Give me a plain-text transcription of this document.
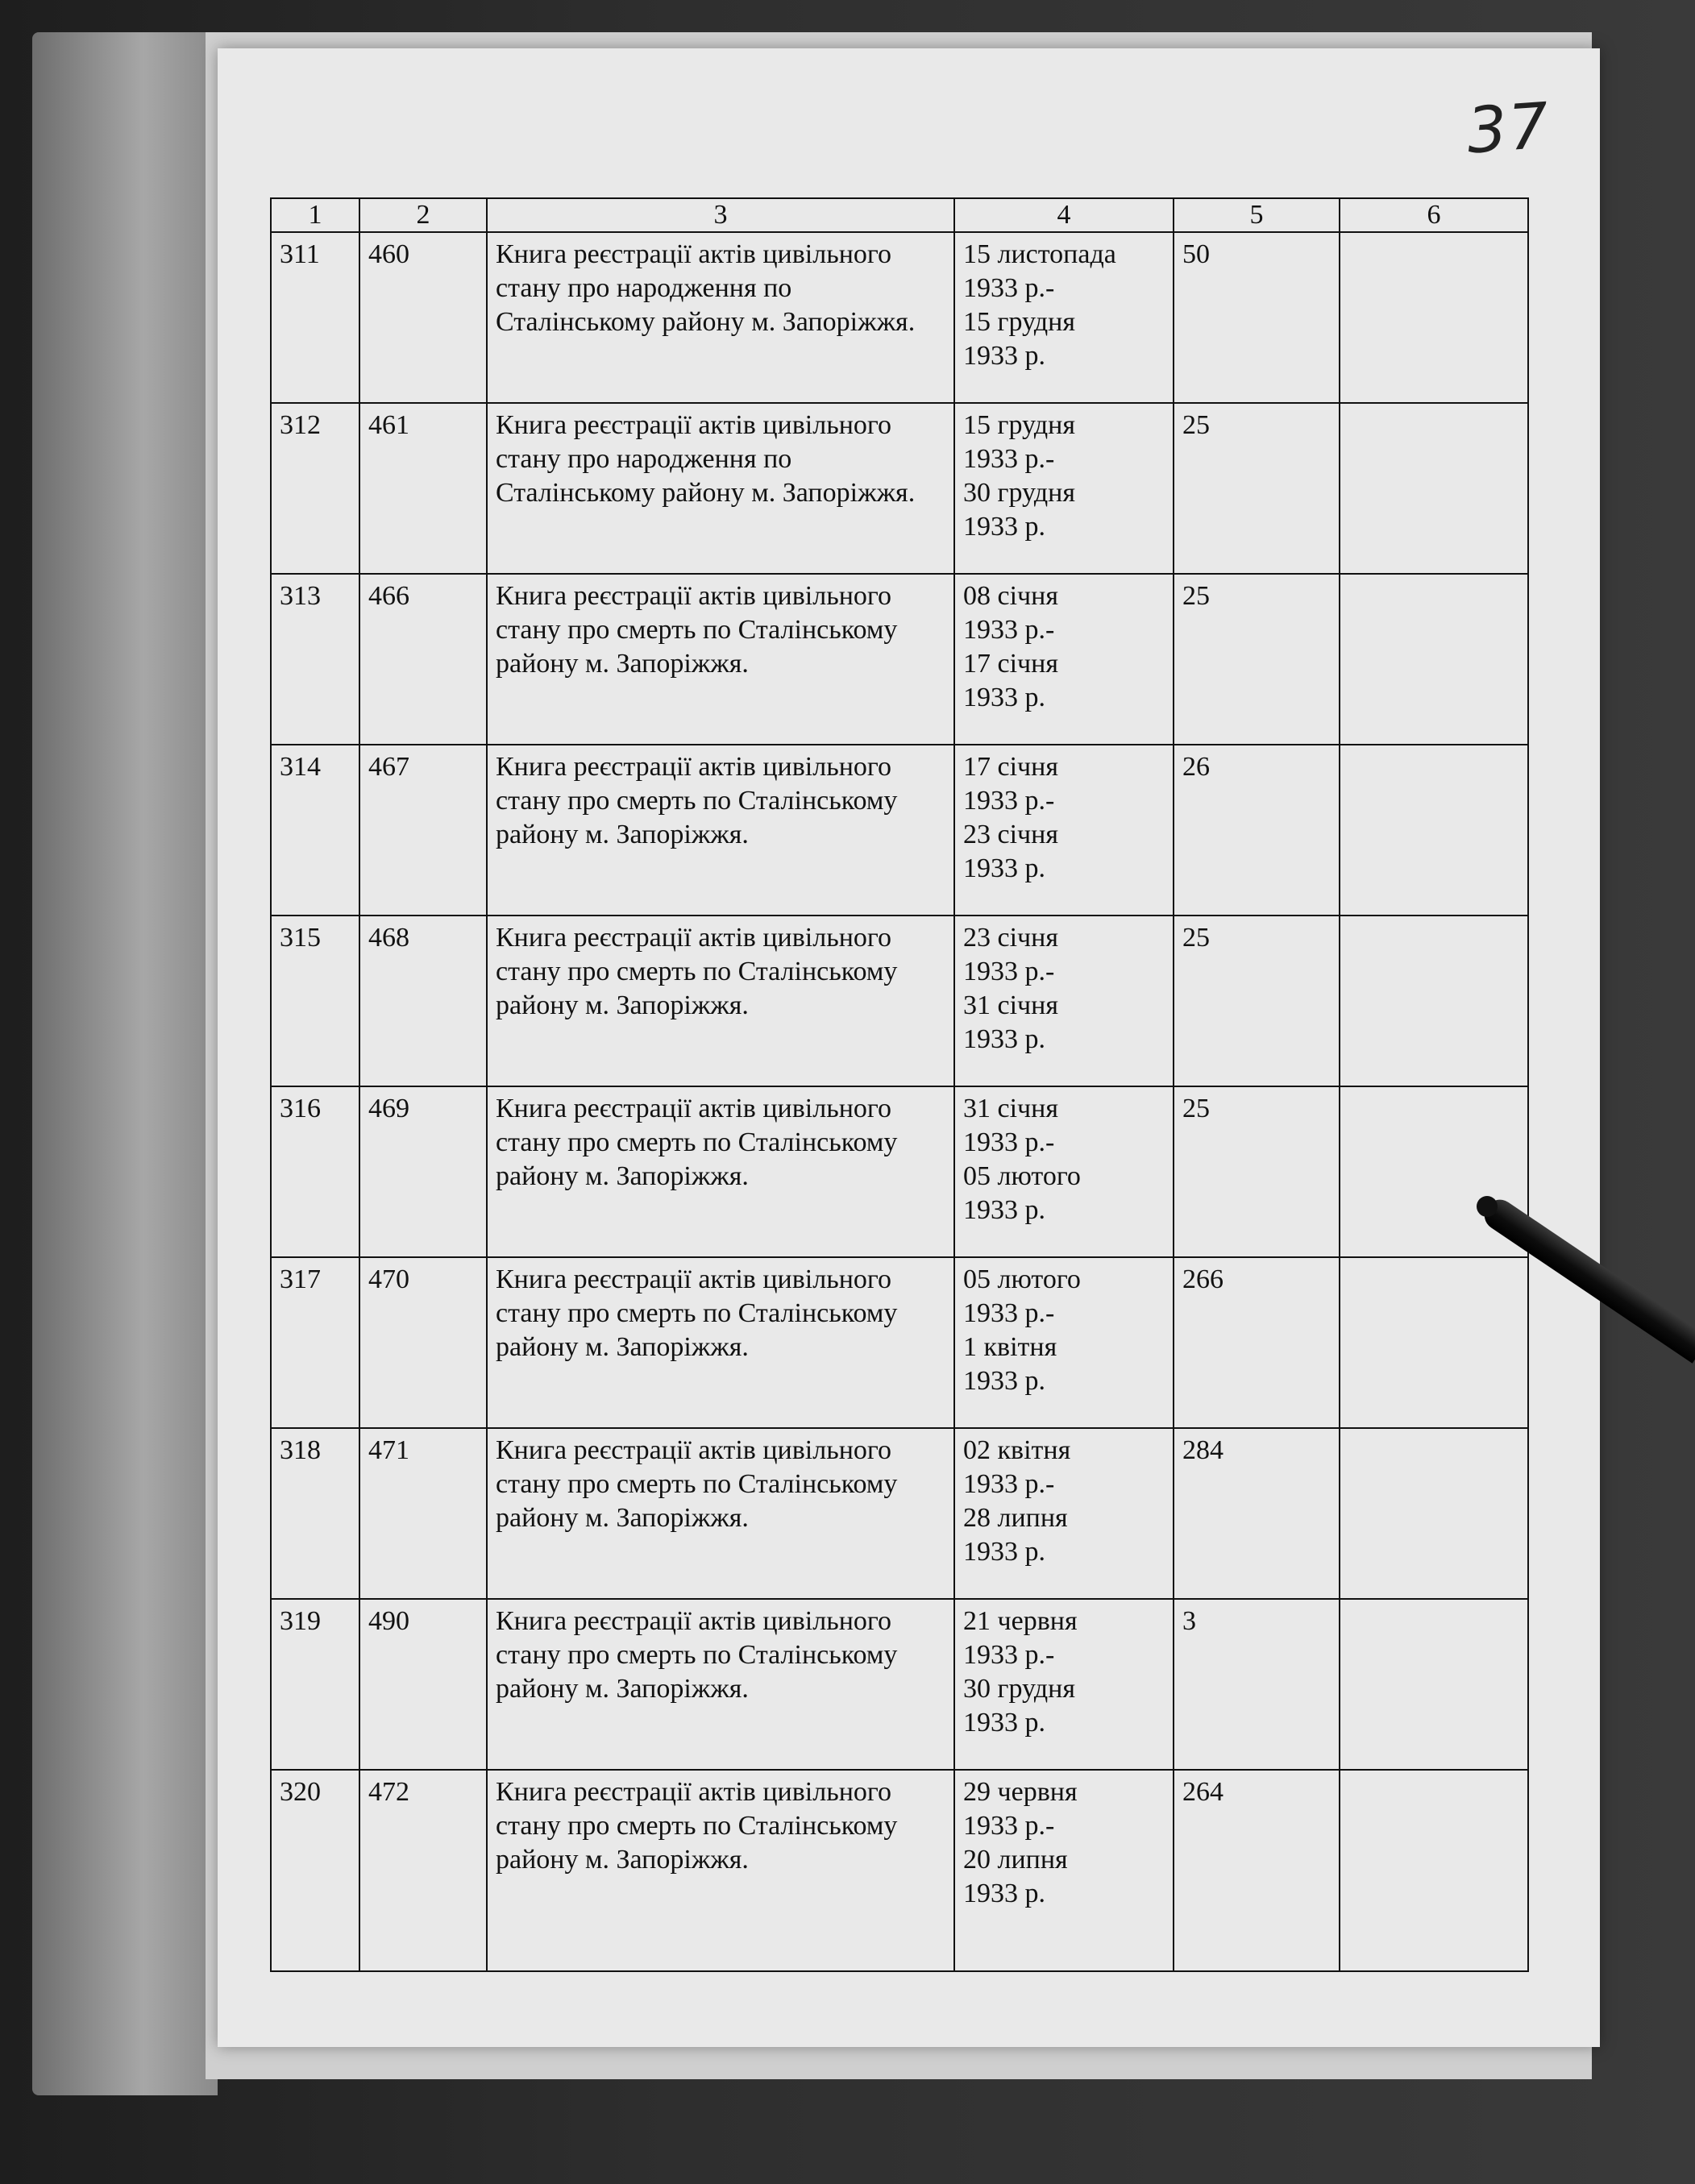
37
1	2	3	4	5	6
311	460	Книга реєстрації актів цивільного стану про народження по Сталінському району м. Запоріжжя.	15 листопада
1933 р.-
15 грудня
1933 р.	50	
312	461	Книга реєстрації актів цивільного стану про народження по Сталінському району м. Запоріжжя.	15 грудня
1933 р.-
30 грудня
1933 р.	25	
313	466	Книга реєстрації актів цивільного стану про смерть по Сталінському району м. Запоріжжя.	08 січня
1933 р.-
17 січня
1933 р.	25	
314	467	Книга реєстрації актів цивільного стану про смерть по Сталінському району м. Запоріжжя.	17 січня
1933 р.-
23 січня
1933 р.	26	
315	468	Книга реєстрації актів цивільного стану про смерть по Сталінському району м. Запоріжжя.	23 січня
1933 р.-
31 січня
1933 р.	25	
316	469	Книга реєстрації актів цивільного стану про смерть по Сталінському району м. Запоріжжя.	31 січня
1933 р.-
05 лютого
1933 р.	25	
317	470	Книга реєстрації актів цивільного стану про смерть по Сталінському району м. Запоріжжя.	05 лютого
1933 р.-
1 квітня
1933 р.	266	
318	471	Книга реєстрації актів цивільного стану про смерть по Сталінському району м. Запоріжжя.	02 квітня
1933 р.-
28 липня
1933 р.	284	
319	490	Книга реєстрації актів цивільного стану про смерть по Сталінському району м. Запоріжжя.	21 червня
1933 р.-
30 грудня
1933 р.	3	
320	472	Книга реєстрації актів цивільного стану про смерть по Сталінському району м. Запоріжжя.	29 червня
1933 р.-
20 липня
1933 р.	264	
